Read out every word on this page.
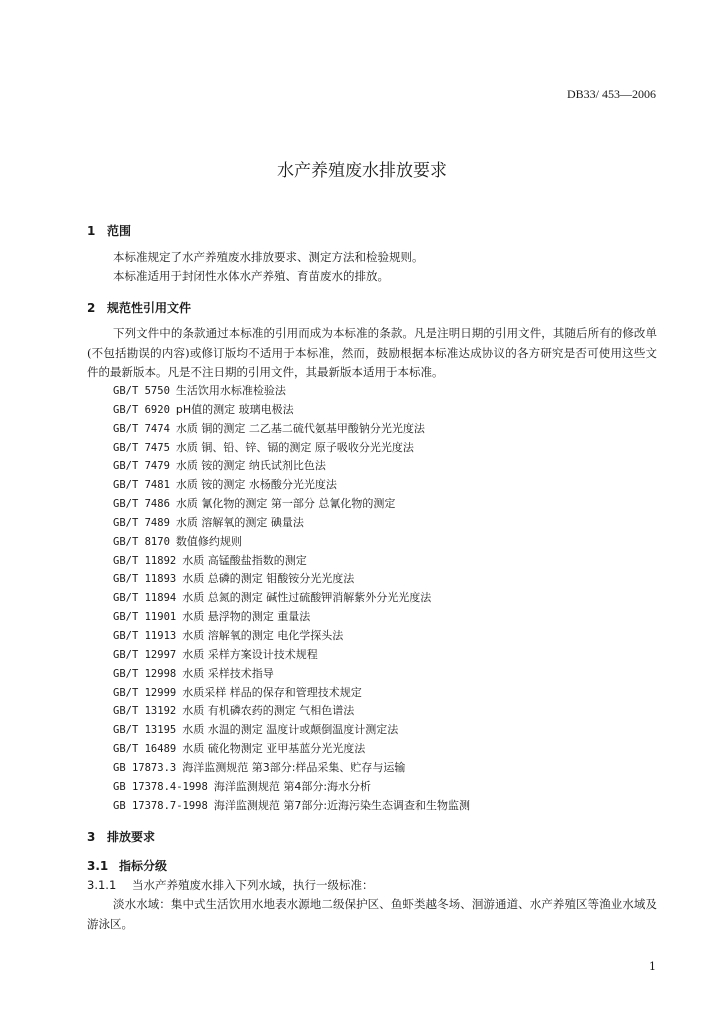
DB33/ 453—2006
水产养殖废水排放要求
1 范围
本标准规定了水产养殖废水排放要求、测定方法和检验规则。
本标准适用于封闭性水体水产养殖、育苗废水的排放。
2 规范性引用文件
下列文件中的条款通过本标准的引用而成为本标准的条款。凡是注明日期的引用文件，其随后所有的修改单(不包括勘误的内容)或修订版均不适用于本标准，然而，鼓励根据本标准达成协议的各方研究是否可使用这些文件的最新版本。凡是不注日期的引用文件，其最新版本适用于本标准。
GB/T 5750 生活饮用水标准检验法
GB/T 6920 pH值的测定 玻璃电极法
GB/T 7474 水质 铜的测定 二乙基二硫代氨基甲酸钠分光光度法
GB/T 7475 水质 铜、铅、锌、镉的测定 原子吸收分光光度法
GB/T 7479 水质 铵的测定 纳氏试剂比色法
GB/T 7481 水质 铵的测定 水杨酸分光光度法
GB/T 7486 水质 氰化物的测定 第一部分 总氰化物的测定
GB/T 7489 水质 溶解氧的测定 碘量法
GB/T 8170 数值修约规则
GB/T 11892 水质 高锰酸盐指数的测定
GB/T 11893 水质 总磷的测定 钼酸铵分光光度法
GB/T 11894 水质 总氮的测定 碱性过硫酸钾消解紫外分光光度法
GB/T 11901 水质 悬浮物的测定 重量法
GB/T 11913 水质 溶解氧的测定 电化学探头法
GB/T 12997 水质 采样方案设计技术规程
GB/T 12998 水质 采样技术指导
GB/T 12999 水质采样 样品的保存和管理技术规定
GB/T 13192 水质 有机磷农药的测定 气相色谱法
GB/T 13195 水质 水温的测定 温度计或颠倒温度计测定法
GB/T 16489 水质 硫化物测定 亚甲基蓝分光光度法
GB 17873.3 海洋监测规范 第3部分:样品采集、贮存与运输
GB 17378.4-1998 海洋监测规范 第4部分:海水分析
GB 17378.7-1998 海洋监测规范 第7部分:近海污染生态调查和生物监测
3 排放要求
3.1 指标分级
3.1.1 当水产养殖废水排入下列水域，执行一级标准：
淡水水域：集中式生活饮用水地表水源地二级保护区、鱼虾类越冬场、洄游通道、水产养殖区等渔业水域及游泳区。
1
